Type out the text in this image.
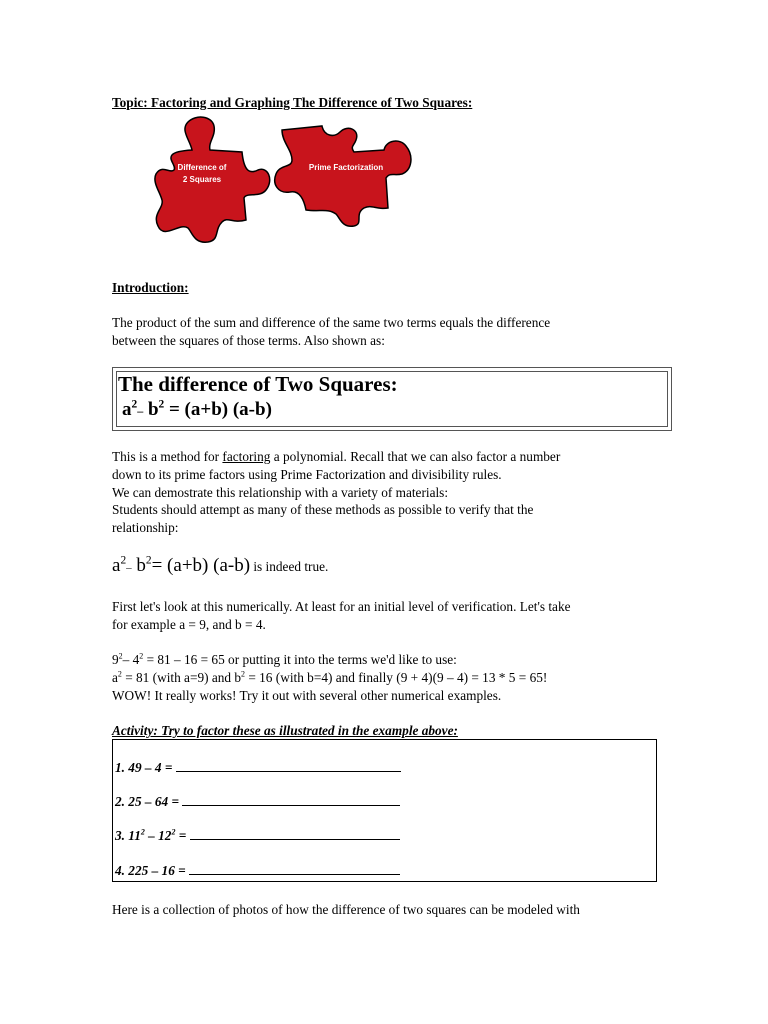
Topic: Factoring and Graphing The Difference of Two Squares:
Difference of
2 Squares
Prime Factorization
Introduction:
The product of the sum and difference of the same two terms equals the difference
between the squares of those terms. Also shown as:
The difference of Two Squares:
$a^2-$ $b^2 = (a+b)$ (a-b)
This is a method for factoring a polynomial. Recall that we can also factor a number
down to its prime factors using Prime Factorization and divisibility rules.
We can demostrate this relationship with a variety of materials:
Students should attempt as many of these methods as possible to verify that the
relationship:
$a^2-$ $b^2= (a+b)$ (a-b) is indeed true.
First let's look at this numerically. At least for an initial level of verification. Let's take
for example a = 9, and b = 4.
$9^2-$ $4^2 = 81 - 16 = 65$ or putting it into the terms we'd like to use:
$a^2 = 81$ (with a=9) and $b^2 = 16$ (with b=4) and finally (9 + 4)(9 – 4) = 13 * 5 = 65!
WOW! It really works! Try it out with several other numerical examples.
Activity: Try to factor these as illustrated in the example above:
1. 49 – 4 =
2. 25 – 64 =
3. $11^2 - 12^2$ =
4. 225 – 16 =
Here is a collection of photos of how the difference of two squares can be modeled with
